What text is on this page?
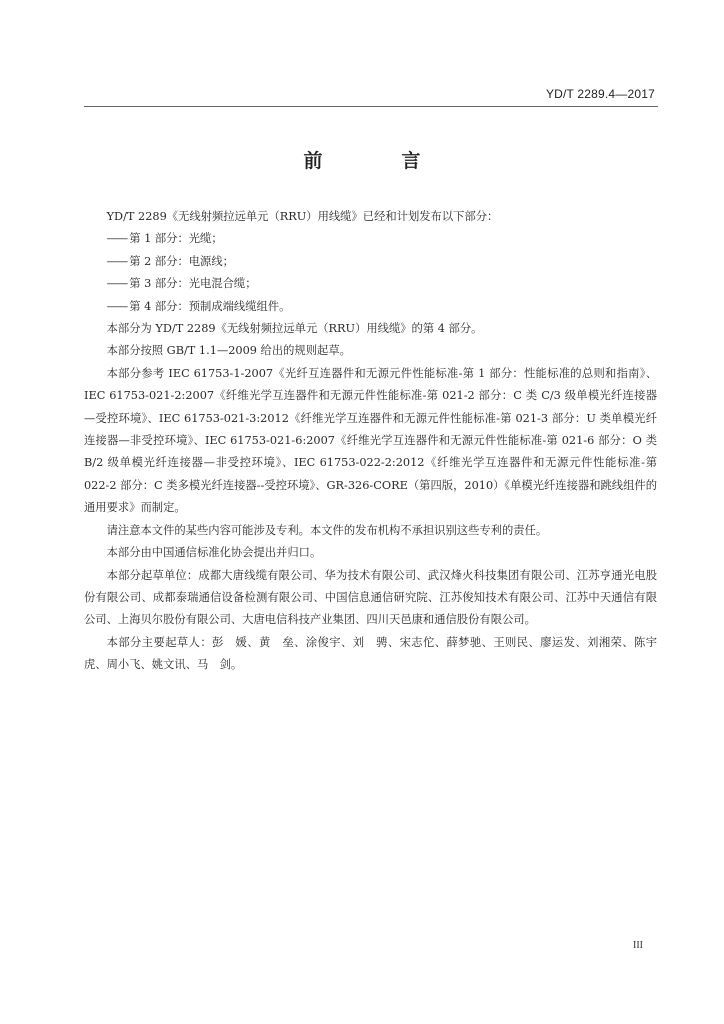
YD/T 2289.4—2017
前　言

YD/T 2289《无线射频拉远单元（RRU）用线缆》已经和计划发布以下部分：

—— 第 1 部分：光缆；
—— 第 2 部分：电源线；
—— 第 3 部分：光电混合缆；
—— 第 4 部分：预制成端线缆组件。

本部分为 YD/T 2289《无线射频拉远单元（RRU）用线缆》的第 4 部分。

本部分按照 GB/T 1.1—2009 给出的规则起草。

本部分参考 IEC 61753-1-2007《光纤互连器件和无源元件性能标准-第 1 部分：性能标准的总则和指南》、IEC 61753-021-2:2007《纤维光学互连器件和无源元件性能标准-第 021-2 部分：C 类 C/3 级单模光纤连接器—受控环境》、IEC 61753-021-3:2012《纤维光学互连器件和无源元件性能标准-第 021-3 部分：U 类单模光纤连接器—非受控环境》、IEC 61753-021-6:2007《纤维光学互连器件和无源元件性能标准-第 021-6 部分：O 类 B/2 级单模光纤连接器—非受控环境》、IEC 61753-022-2:2012《纤维光学互连器件和无源元件性能标准-第 022-2 部分：C 类多模光纤连接器--受控环境》、GR-326-CORE（第四版，2010）《单模光纤连接器和跳线组件的通用要求》而制定。

请注意本文件的某些内容可能涉及专利。本文件的发布机构不承担识别这些专利的责任。

本部分由中国通信标准化协会提出并归口。

本部分起草单位：成都大唐线缆有限公司、华为技术有限公司、武汉烽火科技集团有限公司、江苏亨通光电股份有限公司、成都泰瑞通信设备检测有限公司、中国信息通信研究院、江苏俊知技术有限公司、江苏中天通信有限公司、上海贝尔股份有限公司、大唐电信科技产业集团、四川天邑康和通信股份有限公司。

本部分主要起草人：彭　媛、黄　垒、涂俊宇、刘　骋、宋志佗、薛梦驰、王则民、廖运发、刘湘荣、陈宇虎、周小飞、姚文讯、马　剑。

III
